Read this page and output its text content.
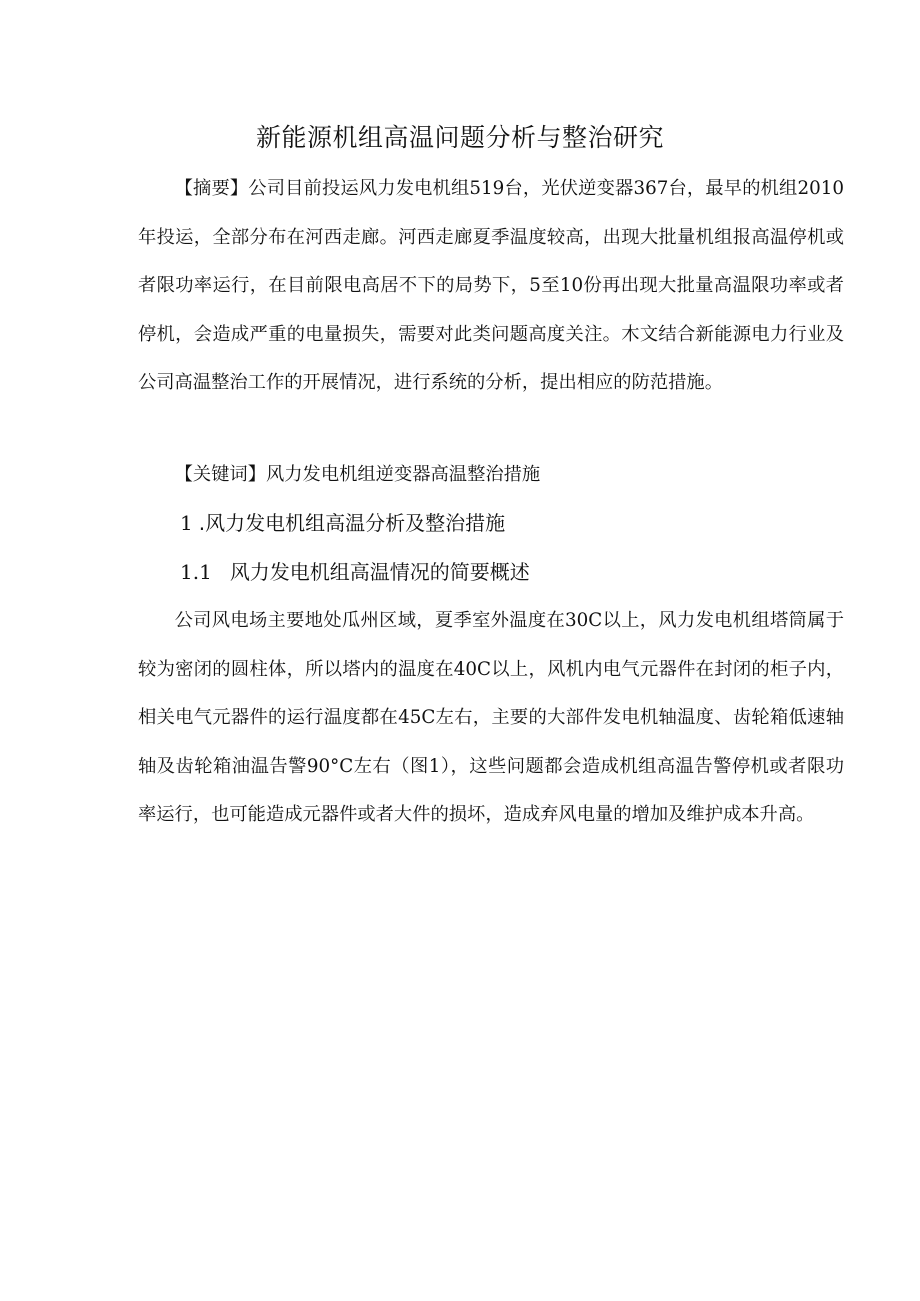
新能源机组高温问题分析与整治研究

【摘要】公司目前投运风力发电机组519台，光伏逆变器367台，最早的机组2010年投运，全部分布在河西走廊。河西走廊夏季温度较高，出现大批量机组报高温停机或者限功率运行，在目前限电高居不下的局势下，5至10份再出现大批量高温限功率或者停机，会造成严重的电量损失，需要对此类问题高度关注。木文结合新能源电力行业及公司高温整治工作的开展情况，进行系统的分析，提出相应的防范措施。

【关键词】风力发电机组逆变器高温整治措施

1 .风力发电机组高温分析及整治措施
1.1 风力发电机组高温情况的简要概述

公司风电场主要地处瓜州区域，夏季室外温度在30C以上，风力发电机组塔筒属于较为密闭的圆柱体，所以塔内的温度在40C以上，风机内电气元器件在封闭的柜子内，相关电气元器件的运行温度都在45C左右，主要的大部件发电机轴温度、齿轮箱低速轴轴及齿轮箱油温告警90°C左右（图1），这些问题都会造成机组高温告警停机或者限功率运行，也可能造成元器件或者大件的损坏，造成弃风电量的增加及维护成本升高。
